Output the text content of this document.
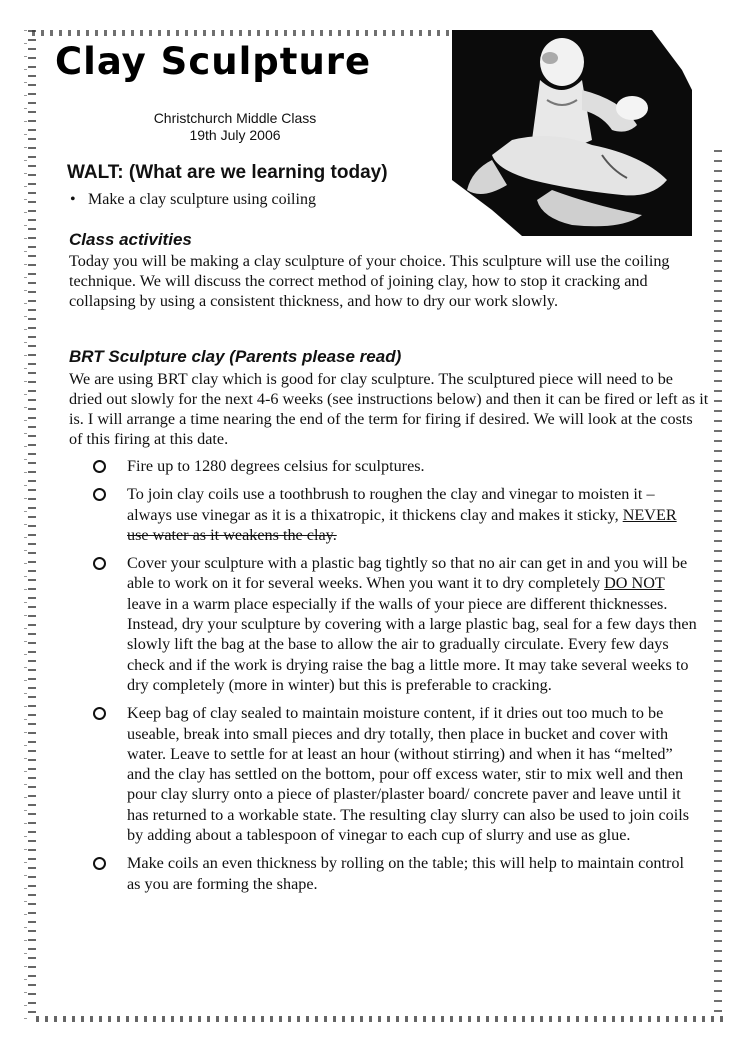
Clay Sculpture
Christchurch Middle Class
19th July 2006
WALT: (What are we learning today)
• Make a clay sculpture using coiling
Class activities
Today you will be making a clay sculpture of your choice. This sculpture will use the coiling technique. We will discuss the correct method of joining clay, how to stop it cracking and collapsing by using a consistent thickness, and how to dry our work slowly.
BRT Sculpture clay (Parents please read)
We are using BRT clay which is good for clay sculpture. The sculptured piece will need to be dried out slowly for the next 4-6 weeks (see instructions below) and then it can be fired or left as it is. I will arrange a time nearing the end of the term for firing if desired. We will look at the costs of this firing at this date.
Fire up to 1280 degrees celsius for sculptures.
To join clay coils use a toothbrush to roughen the clay and vinegar to moisten it – always use vinegar as it is a thixatropic, it thickens clay and makes it sticky, NEVER use water as it weakens the clay.
Cover your sculpture with a plastic bag tightly so that no air can get in and you will be able to work on it for several weeks. When you want it to dry completely DO NOT leave in a warm place especially if the walls of your piece are different thicknesses. Instead, dry your sculpture by covering with a large plastic bag, seal for a few days then slowly lift the bag at the base to allow the air to gradually circulate. Every few days check and if the work is drying raise the bag a little more. It may take several weeks to dry completely (more in winter) but this is preferable to cracking.
Keep bag of clay sealed to maintain moisture content, if it dries out too much to be useable, break into small pieces and dry totally, then place in bucket and cover with water. Leave to settle for at least an hour (without stirring) and when it has “melted” and the clay has settled on the bottom, pour off excess water, stir to mix well and then pour clay slurry onto a piece of plaster/plaster board/ concrete paver and leave until it has returned to a workable state. The resulting clay slurry can also be used to join coils by adding about a tablespoon of vinegar to each cup of slurry and use as glue.
Make coils an even thickness by rolling on the table; this will help to maintain control as you are forming the shape.
